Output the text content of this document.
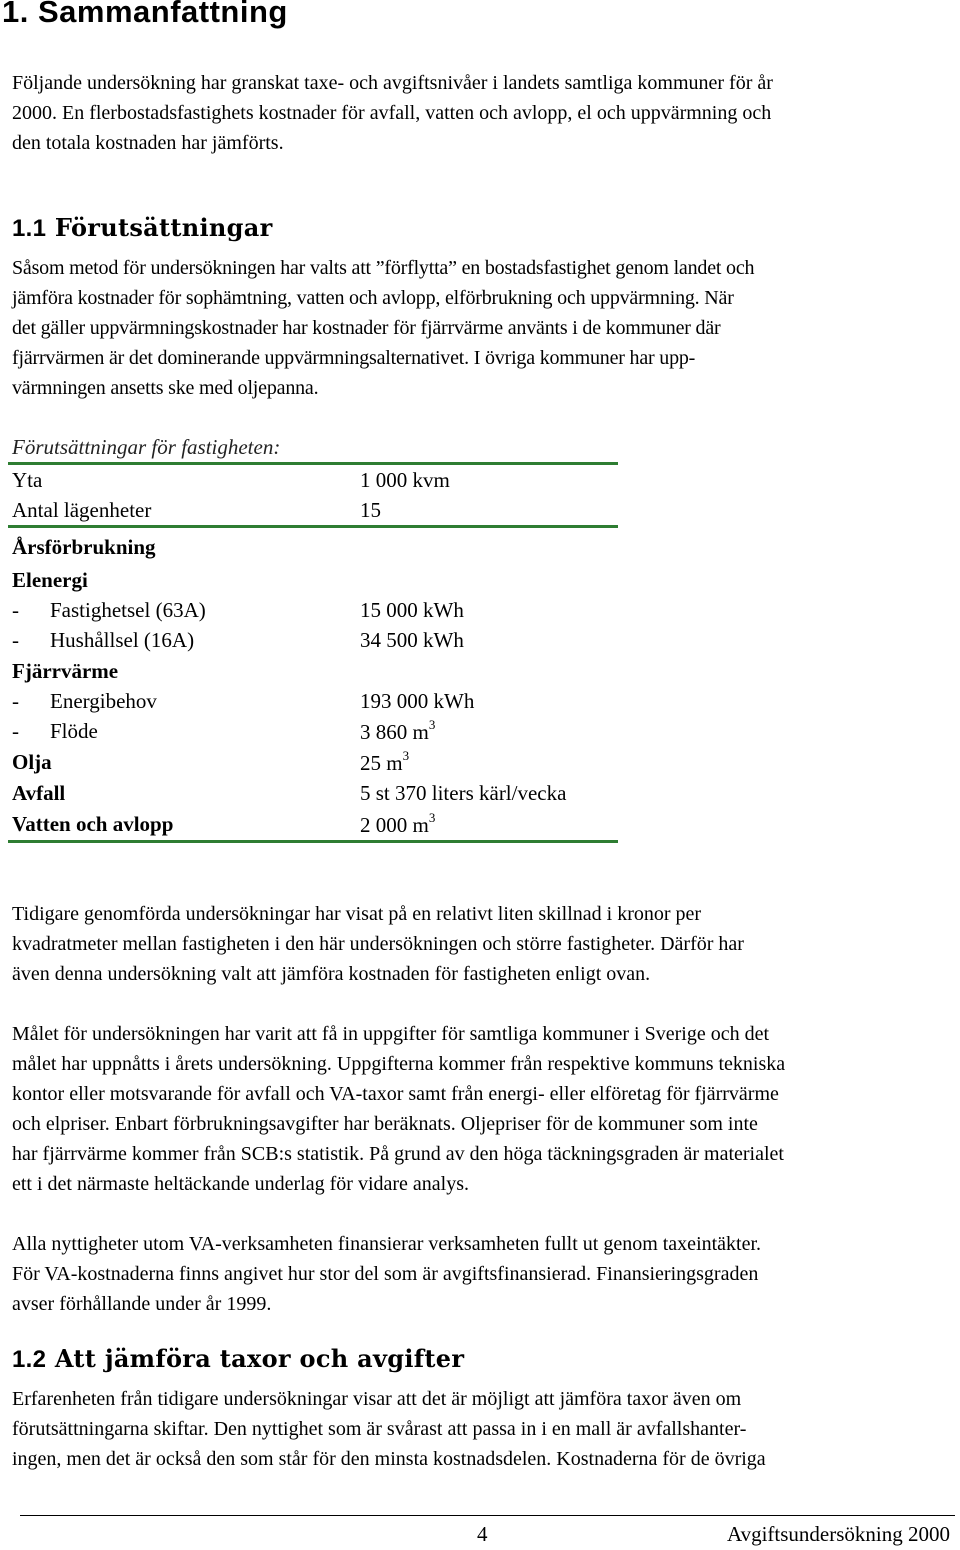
1. Sammanfattning

Följande undersökning har granskat taxe- och avgiftsnivåer i landets samtliga kommuner för år
2000. En flerbostadsfastighets kostnader för avfall, vatten och avlopp, el och uppvärmning och
den totala kostnaden har jämförts.

1.1 Förutsättningar

Såsom metod för undersökningen har valts att ”förflytta” en bostadsfastighet genom landet och
jämföra kostnader för sophämtning, vatten och avlopp, elförbrukning och uppvärmning. När
det gäller uppvärmningskostnader har kostnader för fjärrvärme använts i de kommuner där
fjärrvärmen är det dominerande uppvärmningsalternativet. I övriga kommuner har upp-
värmningen ansetts ske med oljepanna.

Förutsättningar för fastigheten:
Yta	1 000 kvm
Antal lägenheter	15
Årsförbrukning
Elenergi
- Fastighetsel (63A)	15 000 kWh
- Hushållsel (16A)	34 500 kWh
Fjärrvärme
- Energibehov	193 000 kWh
- Flöde	3 860 $m^3$
Olja	25 $m^3$
Avfall	5 st 370 liters kärl/vecka
Vatten och avlopp	2 000 $m^3$

Tidigare genomförda undersökningar har visat på en relativt liten skillnad i kronor per
kvadratmeter mellan fastigheten i den här undersökningen och större fastigheter. Därför har
även denna undersökning valt att jämföra kostnaden för fastigheten enligt ovan.

Målet för undersökningen har varit att få in uppgifter för samtliga kommuner i Sverige och det
målet har uppnåtts i årets undersökning. Uppgifterna kommer från respektive kommuns tekniska
kontor eller motsvarande för avfall och VA-taxor samt från energi- eller elföretag för fjärrvärme
och elpriser. Enbart förbrukningsavgifter har beräknats. Oljepriser för de kommuner som inte
har fjärrvärme kommer från SCB:s statistik. På grund av den höga täckningsgraden är materialet
ett i det närmaste heltäckande underlag för vidare analys.

Alla nyttigheter utom VA-verksamheten finansierar verksamheten fullt ut genom taxeintäkter.
För VA-kostnaderna finns angivet hur stor del som är avgiftsfinansierad. Finansieringsgraden
avser förhållande under år 1999.

1.2 Att jämföra taxor och avgifter

Erfarenheten från tidigare undersökningar visar att det är möjligt att jämföra taxor även om
förutsättningarna skiftar. Den nyttighet som är svårast att passa in i en mall är avfallshanter-
ingen, men det är också den som står för den minsta kostnadsdelen. Kostnaderna för de övriga

4	Avgiftsundersökning 2000
